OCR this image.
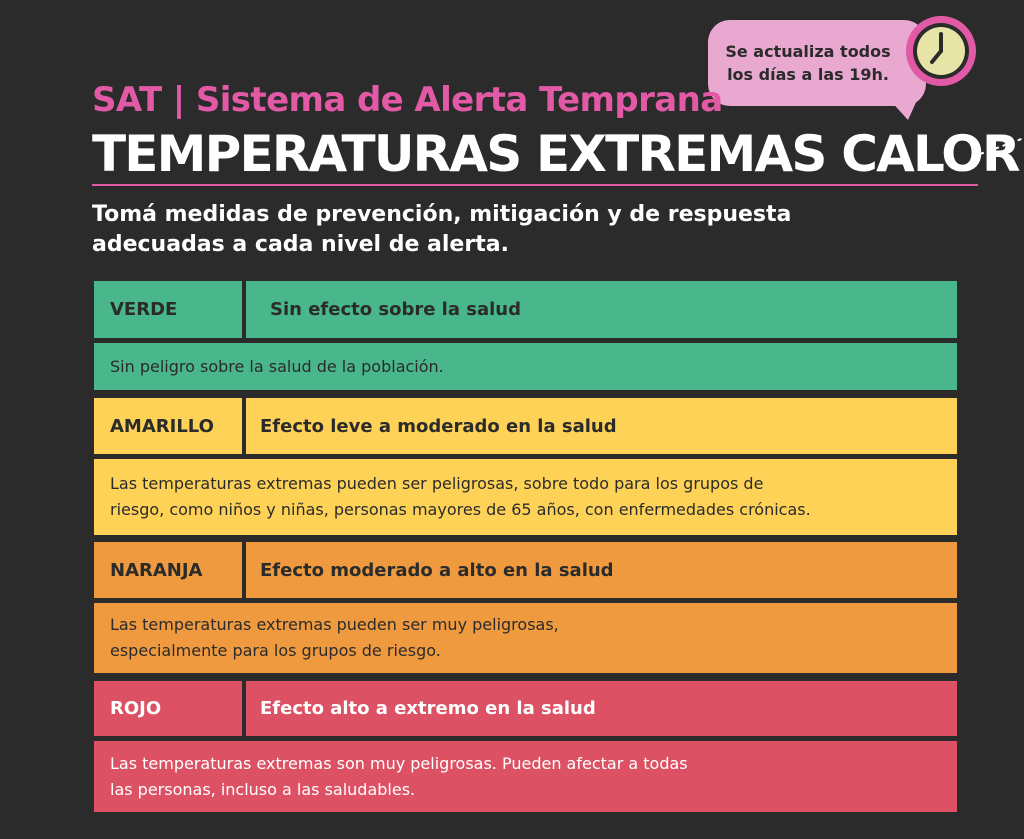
Se actualiza todos los días a las 19h.
SAT | Sistema de Alerta Temprana
TEMPERATURAS EXTREMAS CALOR
Tomá medidas de prevención, mitigación y de respuesta adecuadas a cada nivel de alerta.
VERDE	Sin efecto sobre la salud
Sin peligro sobre la salud de la población.
AMARILLO	Efecto leve a moderado en la salud
Las temperaturas extremas pueden ser peligrosas, sobre todo para los grupos de
riesgo, como niños y niñas, personas mayores de 65 años, con enfermedades crónicas.
NARANJA	Efecto moderado a alto en la salud
Las temperaturas extremas pueden ser muy peligrosas,
especialmente para los grupos de riesgo.
ROJO	Efecto alto a extremo en la salud
Las temperaturas extremas son muy peligrosas. Pueden afectar a todas
las personas, incluso a las saludables.
